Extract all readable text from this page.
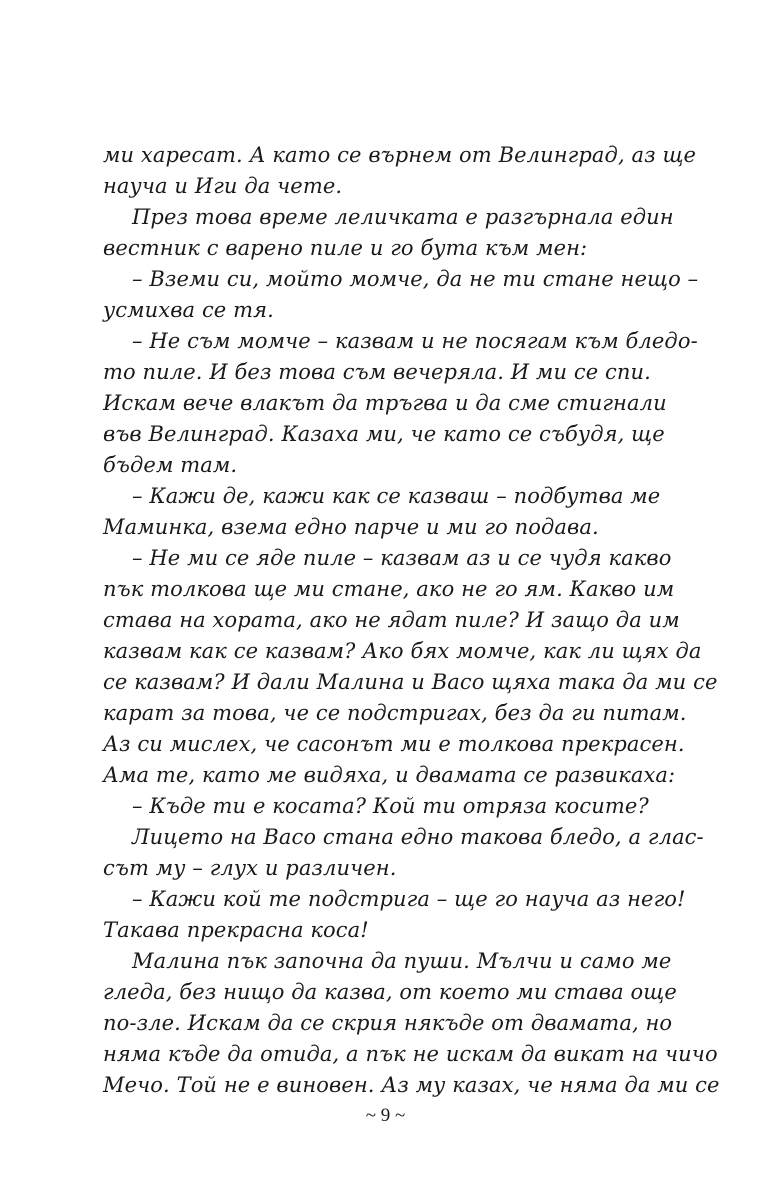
ми харесат. А като се върнем от Велинград, аз ще
науча и Иги да чете.
През това време леличката е разгърнала един
вестник с варено пиле и го бута към мен:
– Вземи си, мойто момче, да не ти стане нещо –
усмихва се тя.
– Не съм момче – казвам и не посягам към бледо-
то пиле. И без това съм вечеряла. И ми се спи.
Искам вече влакът да тръгва и да сме стигнали
във Велинград. Казаха ми, че като се събудя, ще
бъдем там.
– Кажи де, кажи как се казваш – подбутва ме
Маминка, взема едно парче и ми го подава.
– Не ми се яде пиле – казвам аз и се чудя какво
пък толкова ще ми стане, ако не го ям. Какво им
става на хората, ако не ядат пиле? И защо да им
казвам как се казвам? Ако бях момче, как ли щях да
се казвам? И дали Малина и Васо щяха така да ми се
карат за това, че се подстригах, без да ги питам.
Аз си мислех, че сасонът ми е толкова прекрасен.
Ама те, като ме видяха, и двамата се развикаха:
– Къде ти е косата? Кой ти отряза косите?
Лицето на Васо стана едно такова бледо, а глас-
сът му – глух и различен.
– Кажи кой те подстрига – ще го науча аз него!
Такава прекрасна коса!
Малина пък започна да пуши. Мълчи и само ме
гледа, без нищо да казва, от което ми става още
по-зле. Искам да се скрия някъде от двамата, но
няма къде да отида, а пък не искам да викат на чичо
Мечо. Той не е виновен. Аз му казах, че няма да ми се
~ 9 ~
